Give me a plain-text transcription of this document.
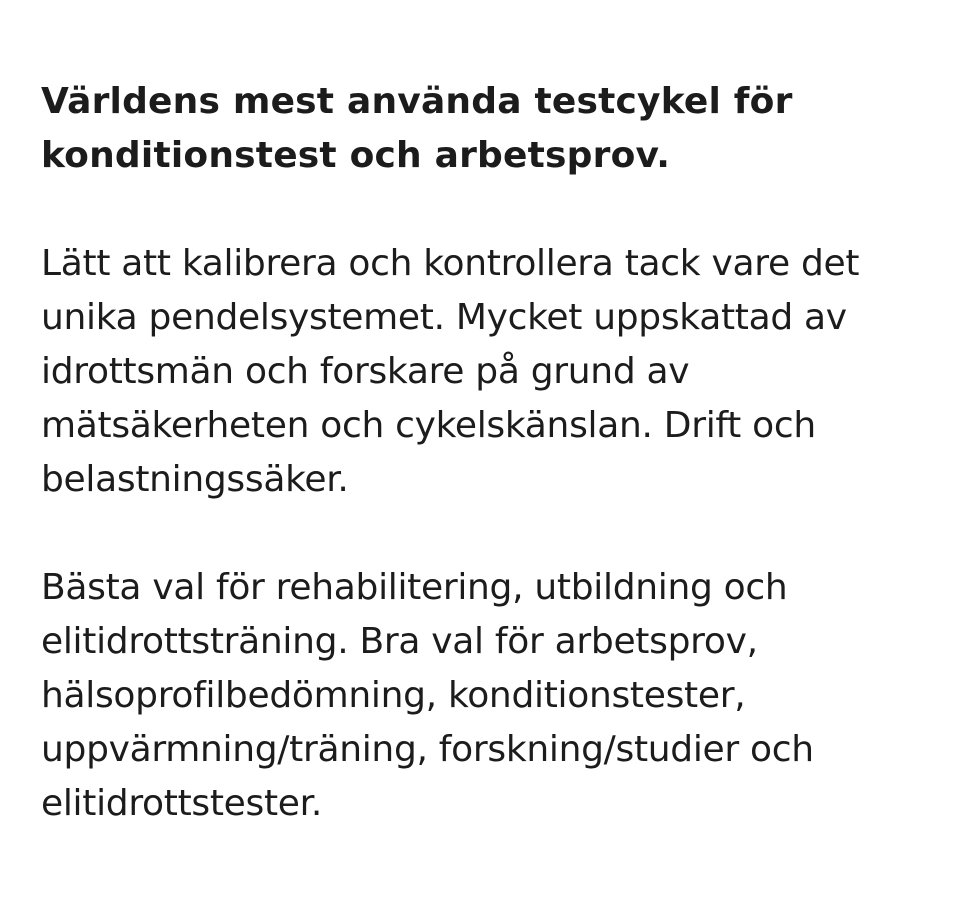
Världens mest använda testcykel för konditionstest och arbetsprov.

Lätt att kalibrera och kontrollera tack vare det unika pendelsystemet. Mycket uppskattad av idrottsmän och forskare på grund av mätsäkerheten och cykelskänslan. Drift och belastningssäker.

Bästa val för rehabilitering, utbildning och elitidrottsträning. Bra val för arbetsprov, hälsoprofilbedömning, konditionstester, uppvärmning/träning, forskning/studier och elitidrottstester.
